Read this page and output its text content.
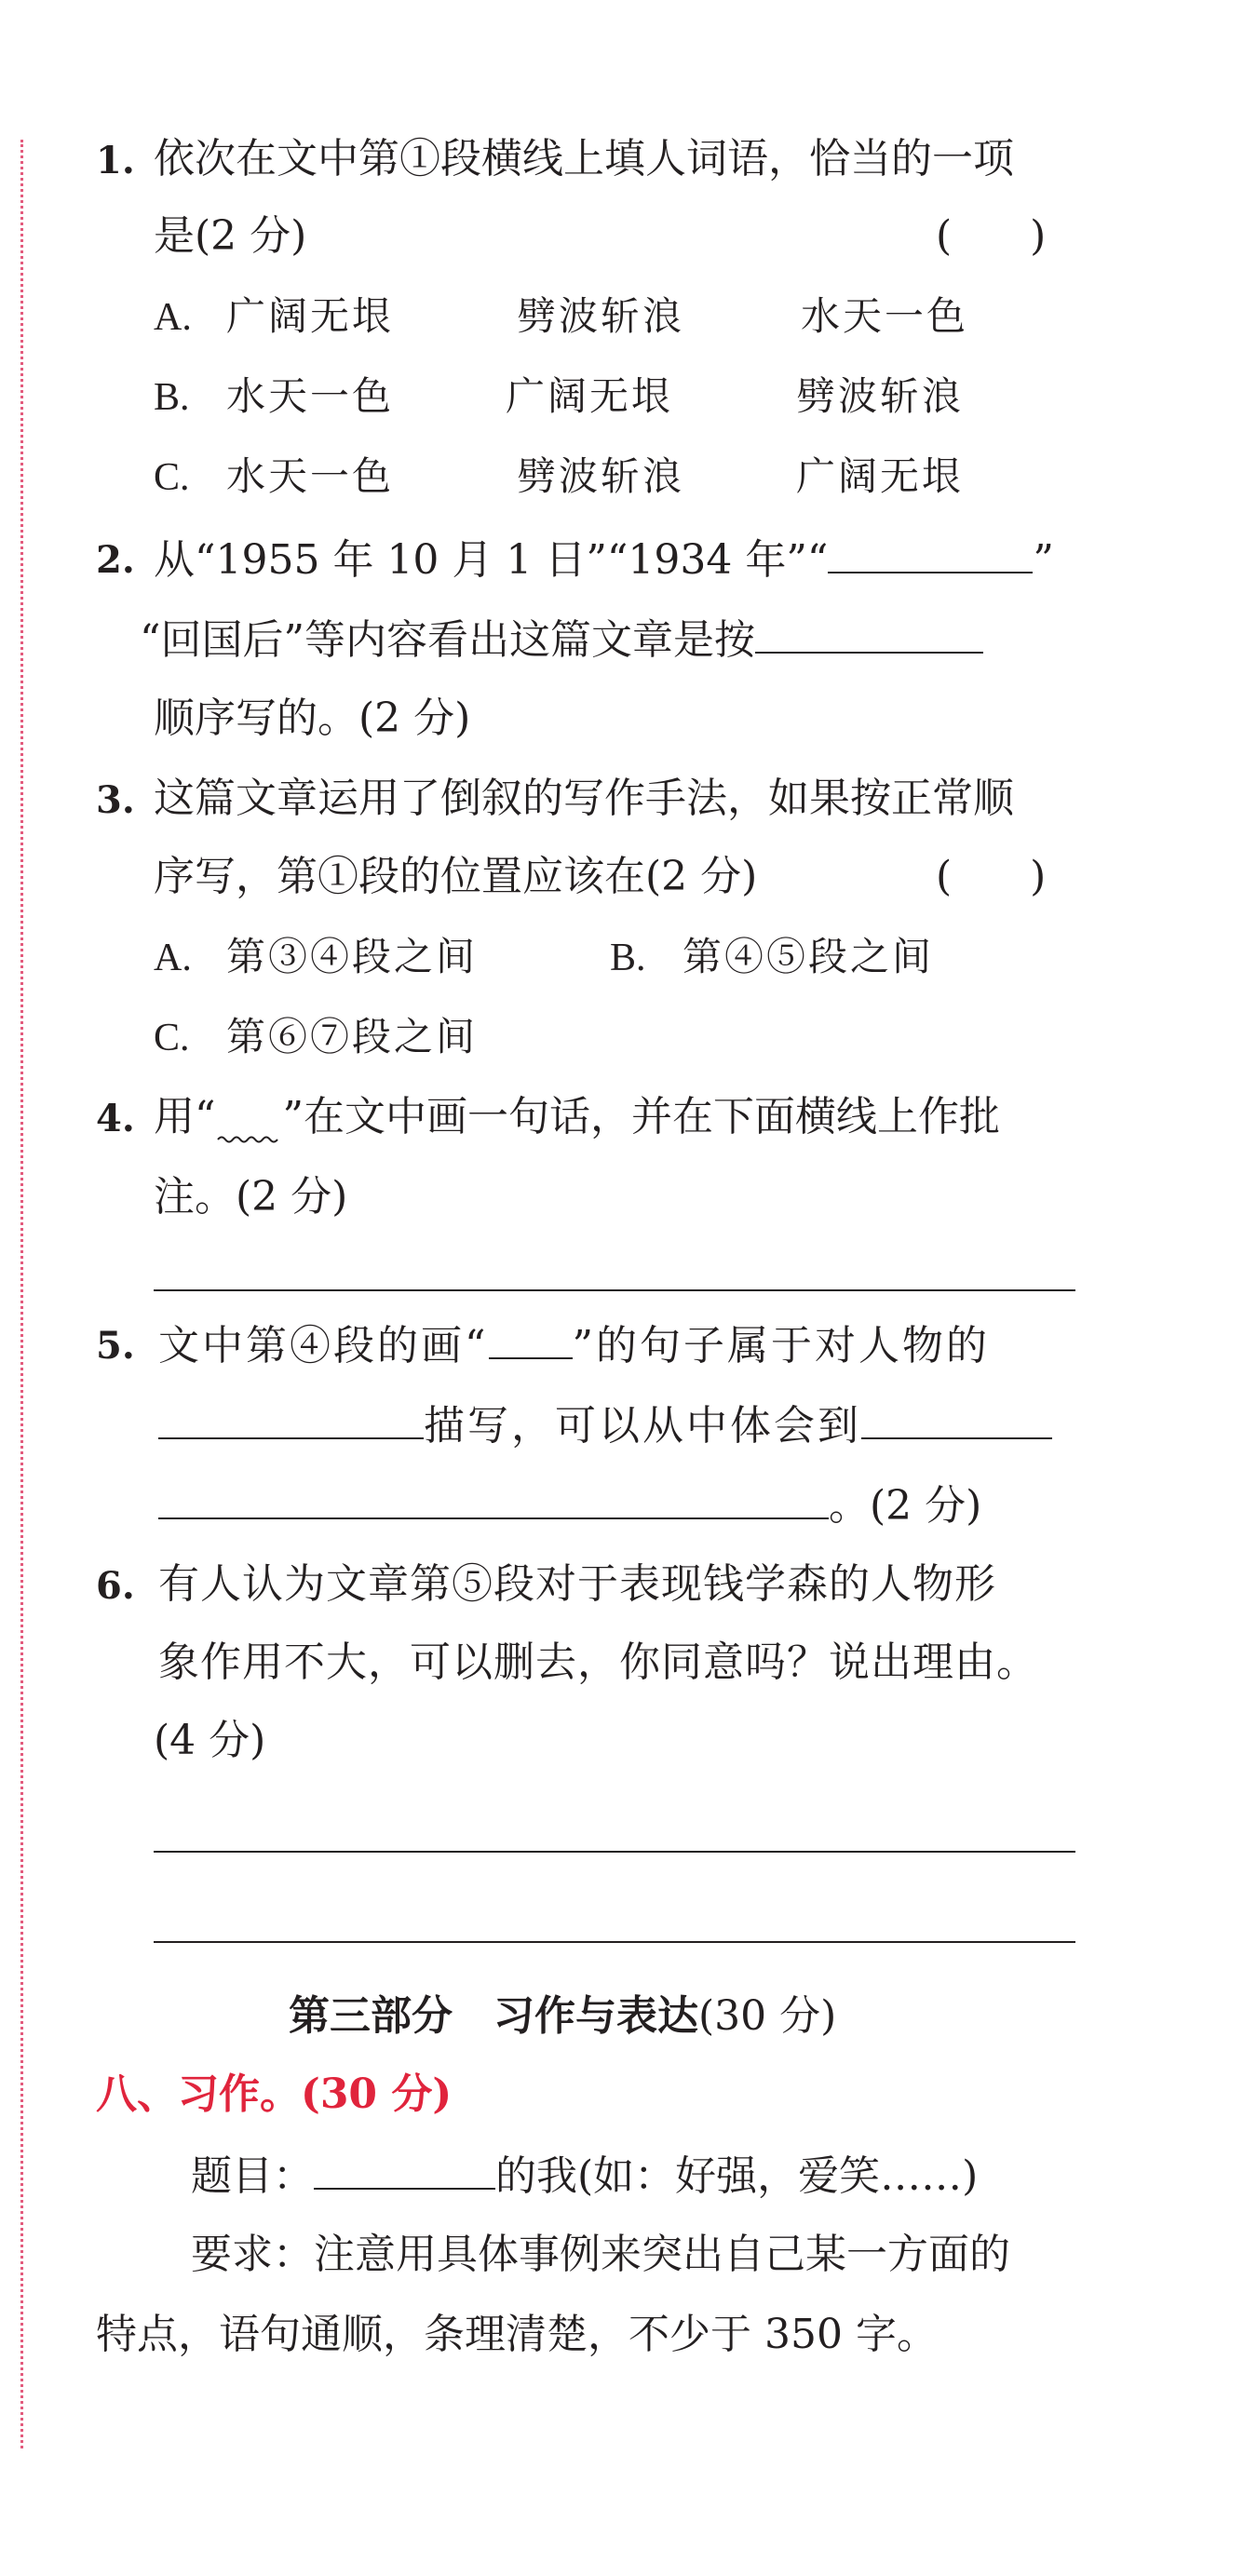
1. 依次在文中第①段横线上填人词语，恰当的一项
是(2 分)	(      )
A. 广阔无垠	劈波斩浪	水天一色
B. 水天一色	广阔无垠	劈波斩浪
C. 水天一色	劈波斩浪	广阔无垠
2. 从“1955 年 10 月 1 日”“1934 年”“	”
“回国后”等内容看出这篇文章是按
顺序写的。(2 分)
3. 这篇文章运用了倒叙的写作手法，如果按正常顺
序写，第①段的位置应该在(2 分)	(      )
A. 第③④段之间	B. 第④⑤段之间
C. 第⑥⑦段之间
4. 用“ ”在文中画一句话，并在下面横线上作批
注。(2 分)
5. 文中第④段的画“ ”的句子属于对人物的
描写，可以从中体会到
。(2 分)
6. 有人认为文章第⑤段对于表现钱学森的人物形
象作用不大，可以删去，你同意吗？说出理由。
(4 分)
第三部分　习作与表达(30 分)
八、习作。(30 分)
题目：	的我(如：好强，爱笑……)
要求：注意用具体事例来突出自己某一方面的
特点，语句通顺，条理清楚，不少于 350 字。
